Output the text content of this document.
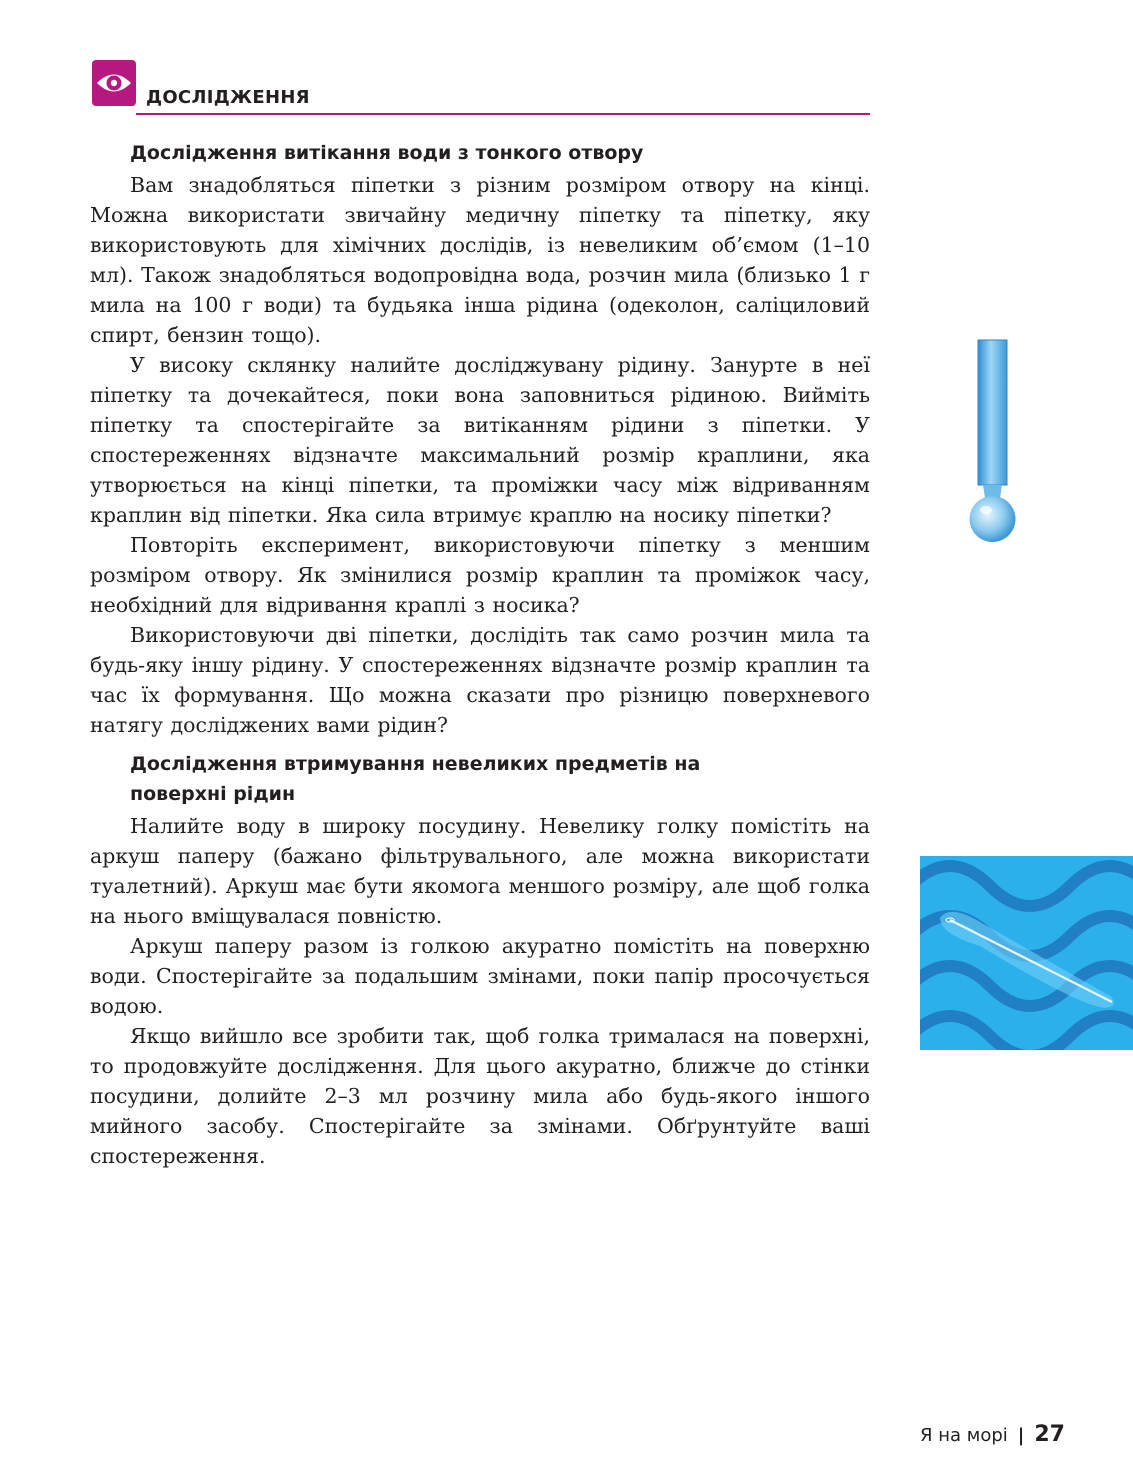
ДОСЛІДЖЕННЯ
Дослідження витікання води з тонкого отвору

Вам знадобляться піпетки з різним розміром отвору на кінці. Можна використати звичайну медичну піпетку та піпетку, яку використовують для хімічних дослідів, із невеликим об’ємом (1–10 мл). Також знадобляться водопровідна вода, розчин мила (близько 1 г мила на 100 г води) та будьяка інша рідина (одеколон, саліциловий спирт, бензин тощо).

У високу склянку налийте досліджувану рідину. Занурте в неї піпетку та дочекайтеся, поки вона заповниться рідиною. Вийміть піпетку та спостерігайте за витіканням рідини з піпетки. У спостереженнях відзначте максимальний розмір краплини, яка утворюється на кінці піпетки, та проміжки часу між відриванням краплин від піпетки. Яка сила втримує краплю на носику піпетки?

Повторіть експеримент, використовуючи піпетку з меншим розміром отвору. Як змінилися розмір краплин та проміжок часу, необхідний для відривання краплі з носика?

Використовуючи дві піпетки, дослідіть так само розчин мила та будь-яку іншу рідину. У спостереженнях відзначте розмір краплин та час їх формування. Що можна сказати про різницю поверхневого натягу досліджених вами рідин?

Дослідження втримування невеликих предметів на поверхні рідин

Налийте воду в широку посудину. Невелику голку помістіть на аркуш паперу (бажано фільтрувального, але можна використати туалетний). Аркуш має бути якомога меншого розміру, але щоб голка на нього вміщувалася повністю.

Аркуш паперу разом із голкою акуратно помістіть на поверхню води. Спостерігайте за подальшим змінами, поки папір просочується водою.

Якщо вийшло все зробити так, щоб голка трималася на поверхні, то продовжуйте дослідження. Для цього акуратно, ближче до стінки посудини, долийте 2–3 мл розчину мила або будь-якого іншого мийного засобу. Спостерігайте за змінами. Обґрунтуйте ваші спостереження.

Я на морі | 27
